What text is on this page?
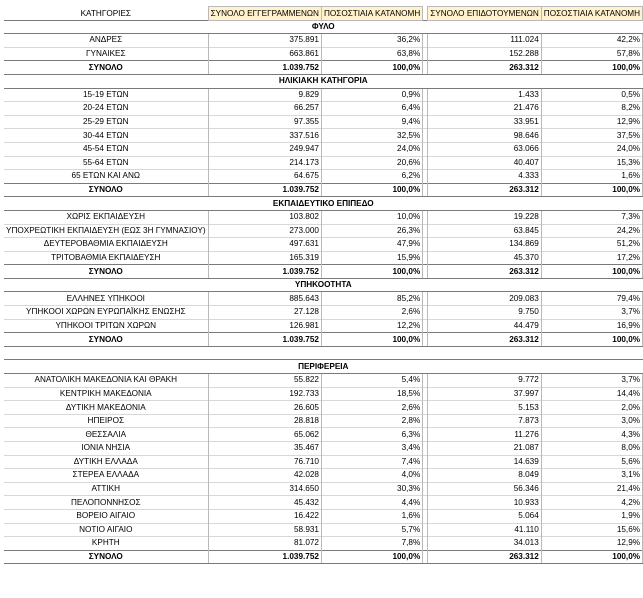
ΚΑΤΗΓΟΡΙΕΣ	ΣΥΝΟΛΟ ΕΓΓΕΓΡΑΜΜΕΝΩΝ	ΠΟΣΟΣΤΙΑΙΑ ΚΑΤΑΝΟΜΗ		ΣΥΝΟΛΟ ΕΠΙΔΟΤΟΥΜΕΝΩΝ	ΠΟΣΟΣΤΙΑΙΑ ΚΑΤΑΝΟΜΗ
ΦΥΛΟ					
ΑΝΔΡΕΣ	375.891	36,2%		111.024	42,2%
ΓΥΝΑΙΚΕΣ	663.861	63,8%		152.288	57,8%
ΣΥΝΟΛΟ	1.039.752	100,0%		263.312	100,0%
ΗΛΙΚΙΑΚΗ ΚΑΤΗΓΟΡΙΑ					
15-19 ΕΤΩΝ	9.829	0,9%		1.433	0,5%
20-24 ΕΤΩΝ	66.257	6,4%		21.476	8,2%
25-29 ΕΤΩΝ	97.355	9,4%		33.951	12,9%
30-44 ΕΤΩΝ	337.516	32,5%		98.646	37,5%
45-54 ΕΤΩΝ	249.947	24,0%		63.066	24,0%
55-64 ΕΤΩΝ	214.173	20,6%		40.407	15,3%
65 ΕΤΩΝ ΚΑΙ ΑΝΩ	64.675	6,2%		4.333	1,6%
ΣΥΝΟΛΟ	1.039.752	100,0%		263.312	100,0%
ΕΚΠΑΙΔΕΥΤΙΚΟ ΕΠΙΠΕΔΟ					
ΧΩΡΙΣ ΕΚΠΑΙΔΕΥΣΗ	103.802	10,0%		19.228	7,3%
ΥΠΟΧΡΕΩΤΙΚΗ ΕΚΠΑΙΔΕΥΣΗ (ΕΩΣ 3Η ΓΥΜΝΑΣΙΟΥ)	273.000	26,3%		63.845	24,2%
ΔΕΥΤΕΡΟΒΑΘΜΙΑ ΕΚΠΑΙΔΕΥΣΗ	497.631	47,9%		134.869	51,2%
ΤΡΙΤΟΒΑΘΜΙΑ ΕΚΠΑΙΔΕΥΣΗ	165.319	15,9%		45.370	17,2%
ΣΥΝΟΛΟ	1.039.752	100,0%		263.312	100,0%
ΥΠΗΚΟΟΤΗΤΑ					
ΕΛΛΗΝΕΣ ΥΠΗΚΟΟΙ	885.643	85,2%		209.083	79,4%
ΥΠΗΚΟΟΙ ΧΩΡΩΝ ΕΥΡΩΠΑΪΚΗΣ ΕΝΩΣΗΣ	27.128	2,6%		9.750	3,7%
ΥΠΗΚΟΟΙ ΤΡΙΤΩΝ ΧΩΡΩΝ	126.981	12,2%		44.479	16,9%
ΣΥΝΟΛΟ	1.039.752	100,0%		263.312	100,0%

ΠΕΡΙΦΕΡΕΙΑ					
ΑΝΑΤΟΛΙΚΗ ΜΑΚΕΔΟΝΙΑ ΚΑΙ ΘΡΑΚΗ	55.822	5,4%		9.772	3,7%
ΚΕΝΤΡΙΚΗ ΜΑΚΕΔΟΝΙΑ	192.733	18,5%		37.997	14,4%
ΔΥΤΙΚΗ ΜΑΚΕΔΟΝΙΑ	26.605	2,6%		5.153	2,0%
ΗΠΕΙΡΟΣ	28.818	2,8%		7.873	3,0%
ΘΕΣΣΑΛΙΑ	65.062	6,3%		11.276	4,3%
ΙΟΝΙΑ ΝΗΣΙΑ	35.467	3,4%		21.087	8,0%
ΔΥΤΙΚΗ ΕΛΛΑΔΑ	76.710	7,4%		14.639	5,6%
ΣΤΕΡΕΑ ΕΛΛΑΔΑ	42.028	4,0%		8.049	3,1%
ΑΤΤΙΚΗ	314.650	30,3%		56.346	21,4%
ΠΕΛΟΠΟΝΝΗΣΟΣ	45.432	4,4%		10.933	4,2%
ΒΟΡΕΙΟ ΑΙΓΑΙΟ	16.422	1,6%		5.064	1,9%
ΝΟΤΙΟ ΑΙΓΑΙΟ	58.931	5,7%		41.110	15,6%
ΚΡΗΤΗ	81.072	7,8%		34.013	12,9%
ΣΥΝΟΛΟ	1.039.752	100,0%		263.312	100,0%
